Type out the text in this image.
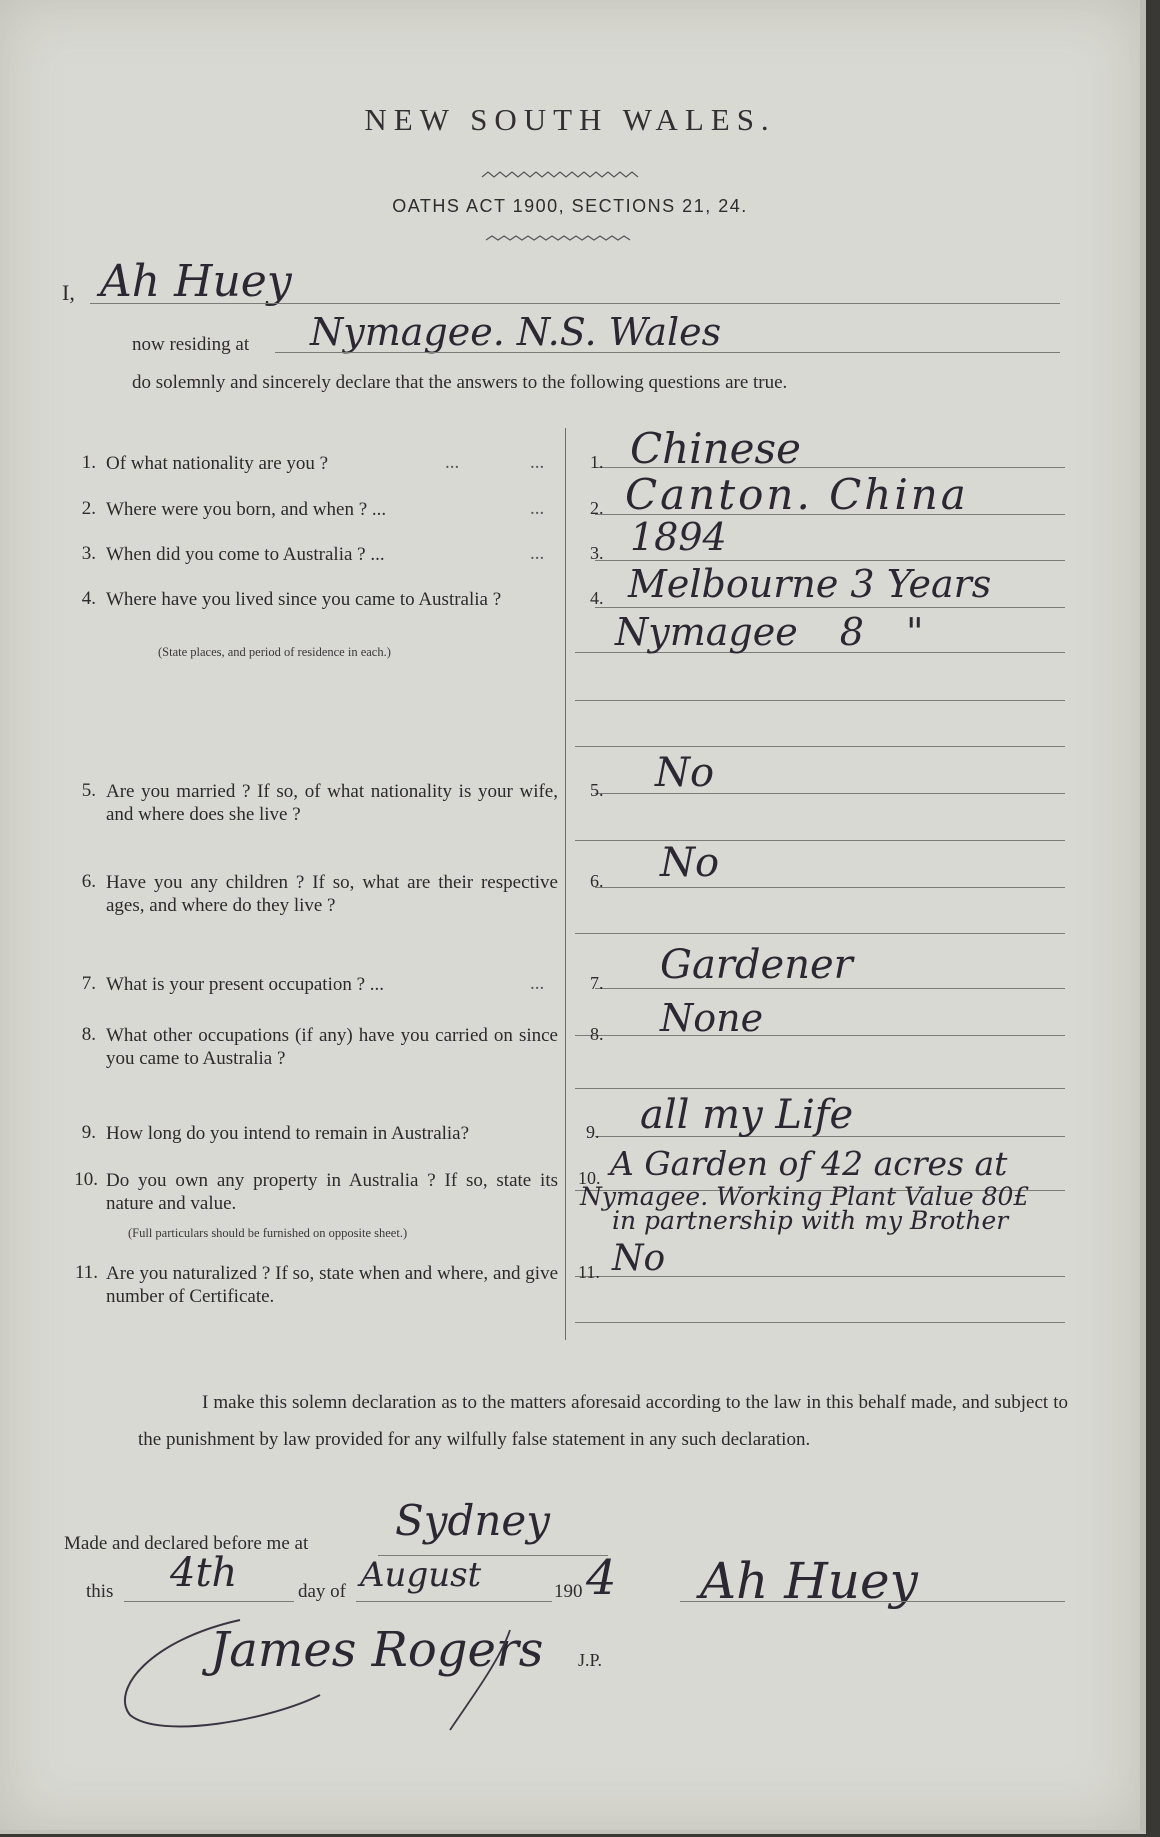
NEW SOUTH WALES.
OATHS ACT 1900, SECTIONS 21, 24.
I, Ah Huey
now residing at Nymagee. N.S. Wales
do solemnly and sincerely declare that the answers to the following questions are true.
1. Of what nationality are you ?	...	...	1. Chinese
2. Where were you born, and when ? ...	...	2. Canton. China
3. When did you come to Australia ? ...	...	3. 1894
4. Where have you lived since you came to Australia ?
(State places, and period of residence in each.)
4. Melbourne 3 Years
Nymagee 8 "
5. Are you married ? If so, of what nationality is your wife, and where does she live ?
5. No
6. Have you any children ? If so, what are their respective ages, and where do they live ?
6. No
7. What is your present occupation ? ...	...	7. Gardener
8. What other occupations (if any) have you carried on since you came to Australia ?
8. None
9. How long do you intend to remain in Australia?	9. all my Life
10. Do you own any property in Australia ? If so, state its nature and value.
(Full particulars should be furnished on opposite sheet.)
10. A Garden of 42 acres at
Nymagee. Working Plant Value 80£
in partnership with my Brother
11. Are you naturalized ? If so, state when and where, and give number of Certificate.
11. No
I make this solemn declaration as to the matters aforesaid according to the law in this behalf made, and subject to the punishment by law provided for any wilfully false statement in any such declaration.
Made and declared before me at Sydney
this 4th	day of August	190 4 Ah Huey
James Rogers J.P.
